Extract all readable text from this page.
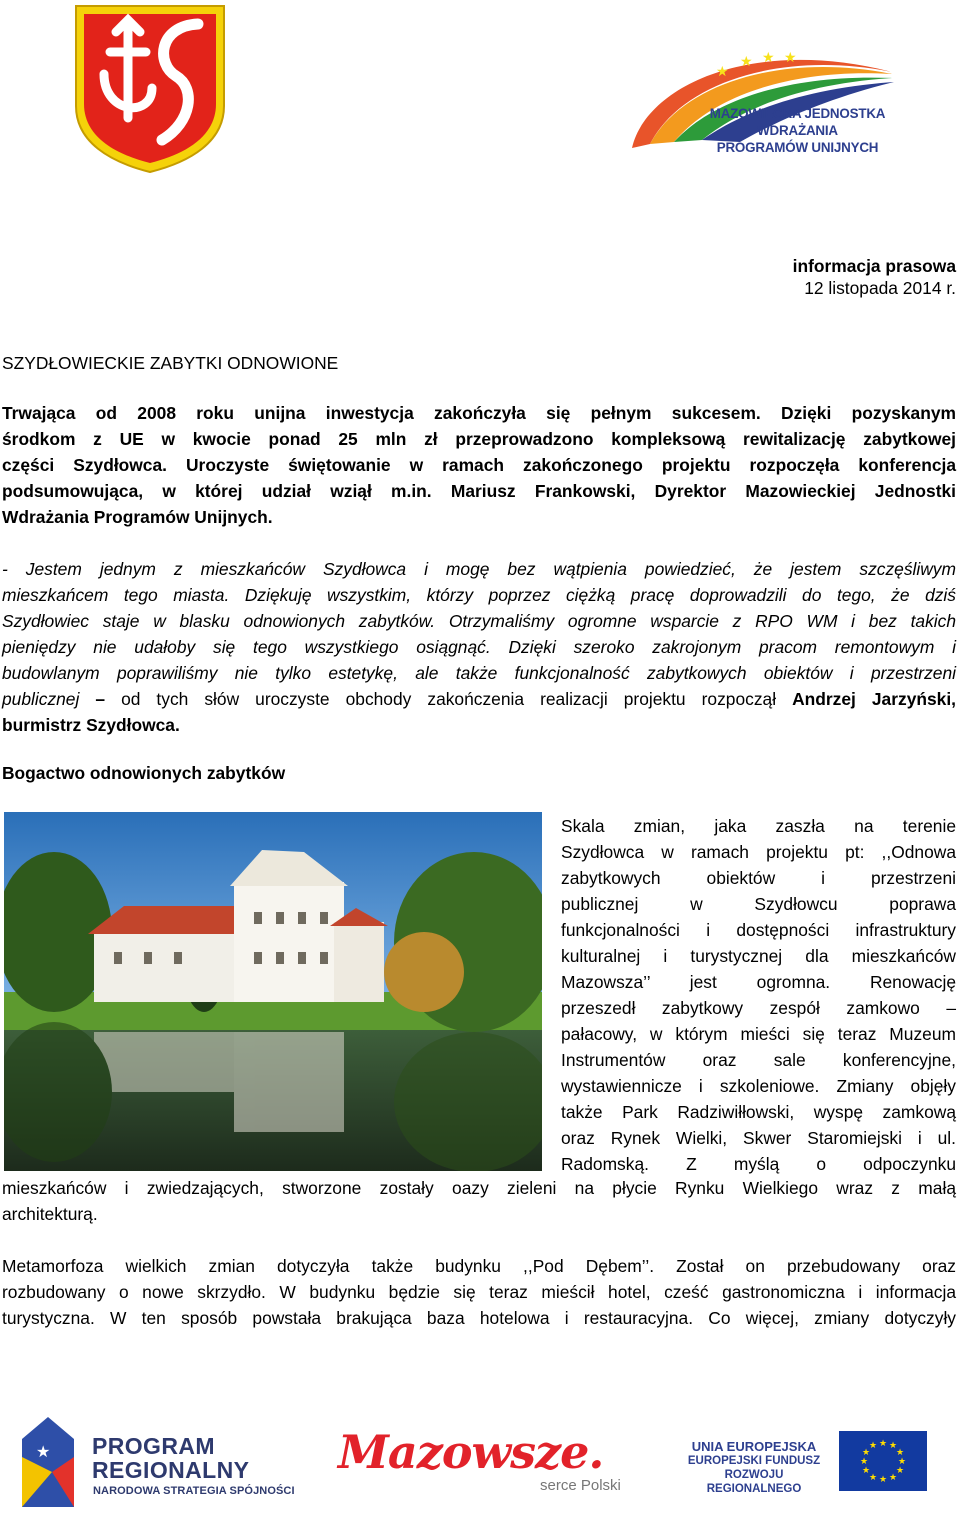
★ ★ ★
★
MAZOWIECKA JEDNOSTKA
WDRAŻANIA
PROGRAMÓW UNIJNYCH
informacja prasowa
12 listopada 2014 r.
SZYDŁOWIECKIE ZABYTKI ODNOWIONE
Trwająca od 2008 roku unijna inwestycja zakończyła się pełnym sukcesem. Dzięki pozyskanym
środkom z UE w kwocie ponad 25 mln zł przeprowadzono kompleksową rewitalizację zabytkowej
części Szydłowca. Uroczyste świętowanie w ramach zakończonego projektu rozpoczęła konferencja
podsumowująca, w której udział wziął m.in. Mariusz Frankowski, Dyrektor Mazowieckiej Jednostki
Wdrażania Programów Unijnych.
- Jestem jednym z mieszkańców Szydłowca i mogę bez wątpienia powiedzieć, że jestem szczęśliwym
mieszkańcem tego miasta. Dziękuję wszystkim, którzy poprzez ciężką pracę doprowadzili do tego, że dziś
Szydłowiec staje w blasku odnowionych zabytków. Otrzymaliśmy ogromne wsparcie z RPO WM i bez takich
pieniędzy nie udałoby się tego wszystkiego osiągnąć. Dzięki szeroko zakrojonym pracom remontowym i
budowlanym poprawiliśmy nie tylko estetykę, ale także funkcjonalność zabytkowych obiektów i przestrzeni
publicznej – od tych słów uroczyste obchody zakończenia realizacji projektu rozpoczął Andrzej Jarzyński,
burmistrz Szydłowca.
Bogactwo odnowionych zabytków
Skala zmian, jaka zaszła na terenie
Szydłowca w ramach projektu pt: ,,Odnowa
zabytkowych obiektów i przestrzeni
publicznej w Szydłowcu poprawa
funkcjonalności i dostępności infrastruktury
kulturalnej i turystycznej dla mieszkańców
Mazowsza’’ jest ogromna. Renowację
przeszedł zabytkowy zespół zamkowo –
pałacowy, w którym mieści się teraz Muzeum
Instrumentów oraz sale konferencyjne,
wystawiennicze i szkoleniowe. Zmiany objęły
także Park Radziwiłłowski, wyspę zamkową
oraz Rynek Wielki, Skwer Staromiejski i ul.
Radomską. Z myślą o odpoczynku
mieszkańców i zwiedzających, stworzone zostały oazy zieleni na płycie Rynku Wielkiego wraz z małą
architekturą.
Metamorfoza wielkich zmian dotyczyła także budynku ,,Pod Dębem’’. Został on przebudowany oraz
rozbudowany o nowe skrzydło. W budynku będzie się teraz mieścił hotel, cześć gastronomiczna i informacja
turystyczna. W ten sposób powstała brakująca baza hotelowa i restauracyjna. Co więcej, zmiany dotyczyły
★ PROGRAM
REGIONALNY
NARODOWA STRATEGIA SPÓJNOŚCI
Mazowsze.
serce Polski
UNIA EUROPEJSKA
EUROPEJSKI FUNDUSZ
ROZWOJU REGIONALNEGO
★ ★
★
★
★
★
★
★
★
★
★
★
